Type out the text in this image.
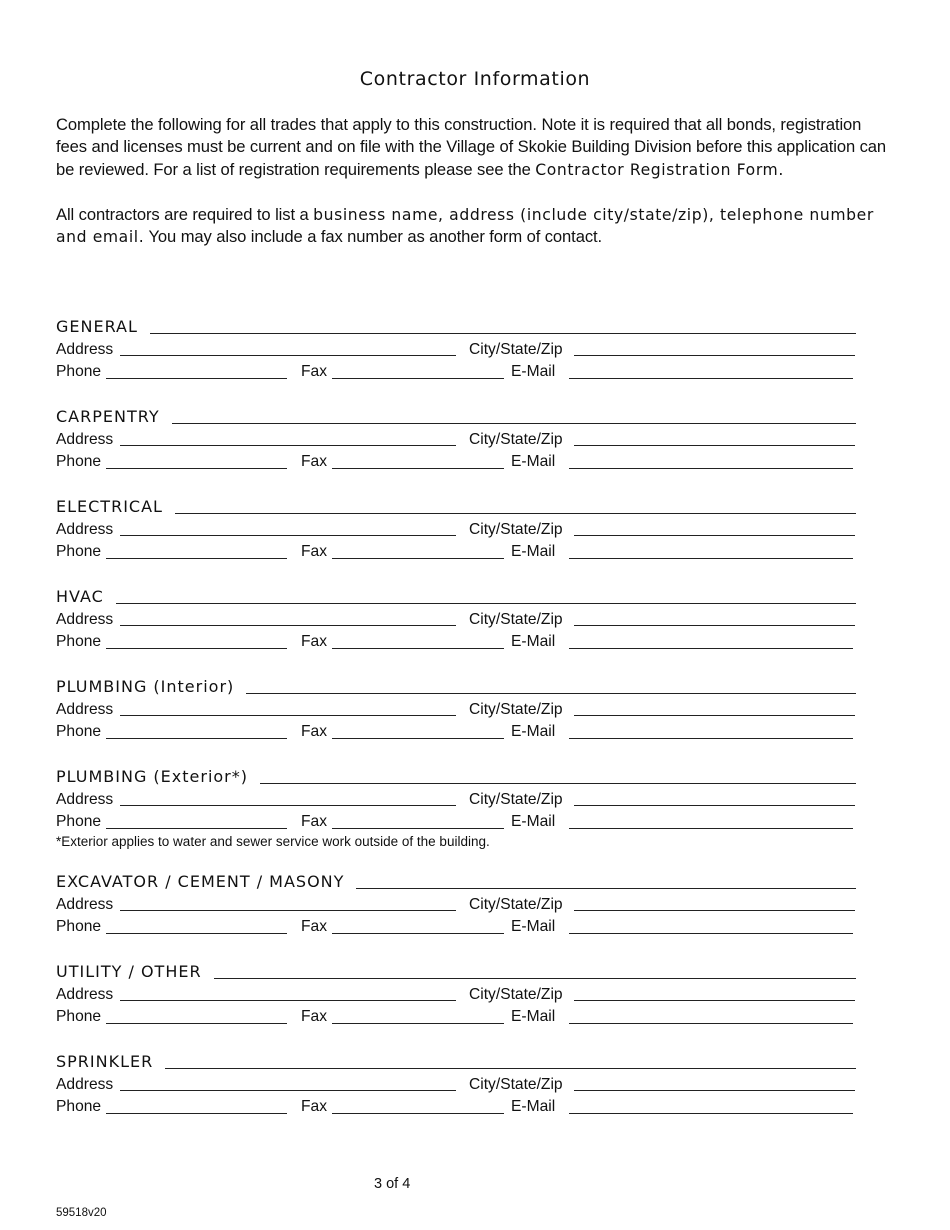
Contractor Information

Complete the following for all trades that apply to this construction. Note it is required that all bonds, registration fees and licenses must be current and on file with the Village of Skokie Building Division before this application can be reviewed. For a list of registration requirements please see the Contractor Registration Form.

All contractors are required to list a business name, address (include city/state/zip), telephone number and email. You may also include a fax number as another form of contact.

GENERAL
Address	City/State/Zip
Phone	Fax	E-Mail
CARPENTRY
Address	City/State/Zip
Phone	Fax	E-Mail
ELECTRICAL
Address	City/State/Zip
Phone	Fax	E-Mail
HVAC
Address	City/State/Zip
Phone	Fax	E-Mail
PLUMBING (Interior)
Address	City/State/Zip
Phone	Fax	E-Mail
PLUMBING (Exterior*)
Address	City/State/Zip
Phone	Fax	E-Mail
*Exterior applies to water and sewer service work outside of the building.
EXCAVATOR / CEMENT / MASONY
Address	City/State/Zip
Phone	Fax	E-Mail
UTILITY / OTHER
Address	City/State/Zip
Phone	Fax	E-Mail
SPRINKLER
Address	City/State/Zip
Phone	Fax	E-Mail
3 of 4
59518v20
